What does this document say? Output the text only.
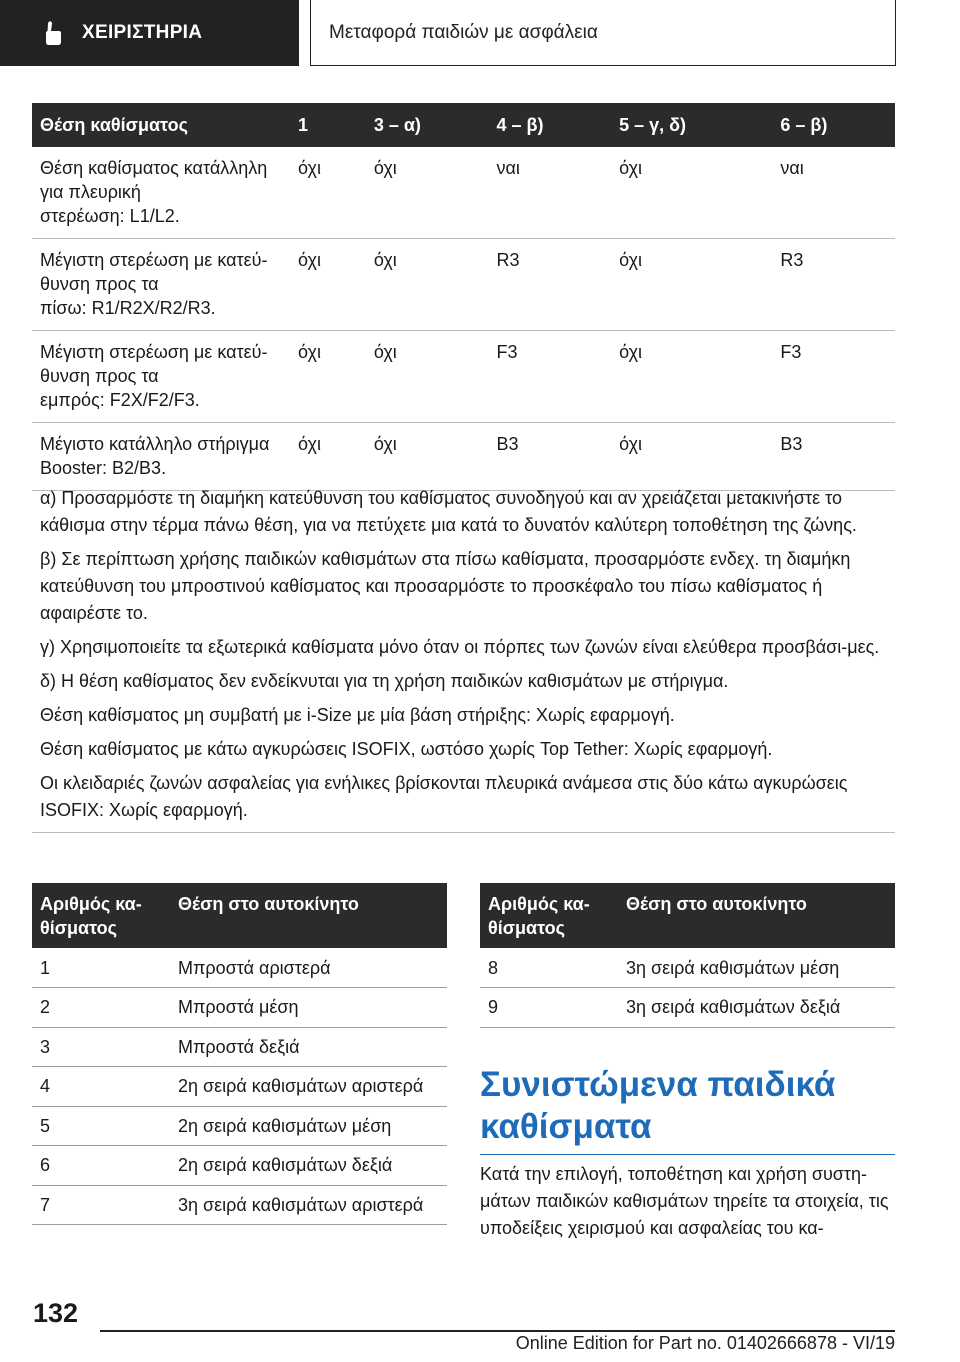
ΧΕΙΡΙΣΤΗΡΙΑ	Μεταφορά παιδιών με ασφάλεια
Θέση καθίσματος	1	3 – α)	4 – β)	5 – γ, δ)	6 – β)
Θέση καθίσματος κατάλληλη
για πλευρική
στερέωση: L1/L2.	όχι	όχι	ναι	όχι	ναι
Μέγιστη στερέωση με κατεύ-
θυνση προς τα
πίσω: R1/R2X/R2/R3.	όχι	όχι	R3	όχι	R3
Μέγιστη στερέωση με κατεύ-
θυνση προς τα
εμπρός: F2X/F2/F3.	όχι	όχι	F3	όχι	F3
Μέγιστο κατάλληλο στήριγμα
Booster: B2/B3.	όχι	όχι	B3	όχι	B3

α) Προσαρμόστε τη διαμήκη κατεύθυνση του καθίσματος συνοδηγού και αν χρειάζεται μετακινήστε το κάθισμα στην τέρμα πάνω θέση, για να πετύχετε μια κατά το δυνατόν καλύτερη τοποθέτηση της ζώνης.

β) Σε περίπτωση χρήσης παιδικών καθισμάτων στα πίσω καθίσματα, προσαρμόστε ενδεχ. τη διαμήκη κατεύθυνση του μπροστινού καθίσματος και προσαρμόστε το προσκέφαλο του πίσω καθίσματος ή αφαιρέστε το.

γ) Χρησιμοποιείτε τα εξωτερικά καθίσματα μόνο όταν οι πόρπες των ζωνών είναι ελεύθερα προσβάσι-μες.

δ) Η θέση καθίσματος δεν ενδείκνυται για τη χρήση παιδικών καθισμάτων με στήριγμα.

Θέση καθίσματος μη συμβατή με i-Size με μία βάση στήριξης: Χωρίς εφαρμογή.

Θέση καθίσματος με κάτω αγκυρώσεις ISOFIX, ωστόσο χωρίς Top Tether: Χωρίς εφαρμογή.

Οι κλειδαριές ζωνών ασφαλείας για ενήλικες βρίσκονται πλευρικά ανάμεσα στις δύο κάτω αγκυρώσεις ISOFIX: Χωρίς εφαρμογή.

Αριθμός κα-
θίσματος	Θέση στο αυτοκίνητο
1	Μπροστά αριστερά
2	Μπροστά μέση
3	Μπροστά δεξιά
4	2η σειρά καθισμάτων αριστερά
5	2η σειρά καθισμάτων μέση
6	2η σειρά καθισμάτων δεξιά
7	3η σειρά καθισμάτων αριστερά
Αριθμός κα-
θίσματος	Θέση στο αυτοκίνητο
8	3η σειρά καθισμάτων μέση
9	3η σειρά καθισμάτων δεξιά
Συνιστώμενα παιδικά καθίσματα

Κατά την επιλογή, τοποθέτηση και χρήση συστη-μάτων παιδικών καθισμάτων τηρείτε τα στοιχεία, τις υποδείξεις χειρισμού και ασφαλείας του κα-

132
Online Edition for Part no. 01402666878 - VI/19
